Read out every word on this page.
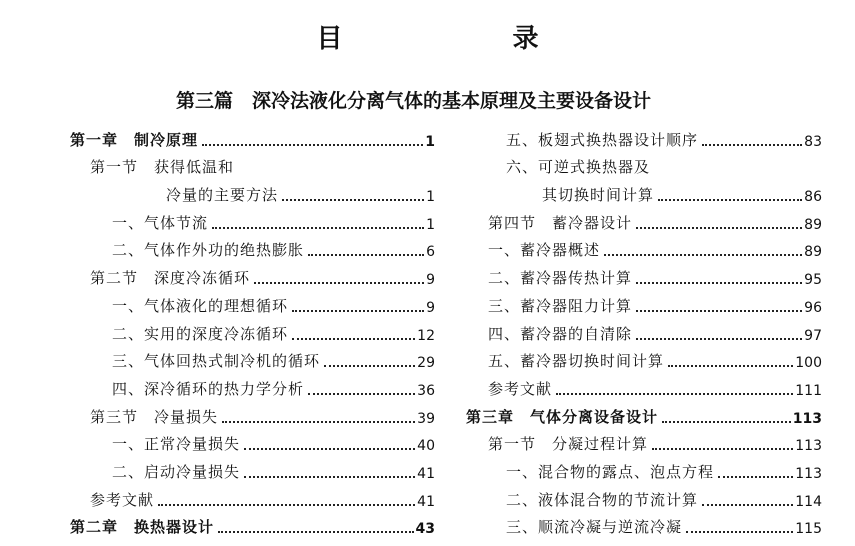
目　录
第三篇　深冷法液化分离气体的基本原理及主要设备设计
第一章　制冷原理	1
第一节　获得低温和
冷量的主要方法	1
一、气体节流	1
二、气体作外功的绝热膨胀	6
第二节　深度冷冻循环	9
一、气体液化的理想循环	9
二、实用的深度冷冻循环	12
三、气体回热式制冷机的循环	29
四、深冷循环的热力学分析	36
第三节　冷量损失	39
一、正常冷量损失	40
二、启动冷量损失	41
参考文献	41
第二章　换热器设计	43
五、板翅式换热器设计顺序	83
六、可逆式换热器及
其切换时间计算	86
第四节　蓄冷器设计	89
一、蓄冷器概述	89
二、蓄冷器传热计算	95
三、蓄冷器阻力计算	96
四、蓄冷器的自清除	97
五、蓄冷器切换时间计算	100
参考文献	111
第三章　气体分离设备设计	113
第一节　分凝过程计算	113
一、混合物的露点、泡点方程	113
二、液体混合物的节流计算	114
三、顺流冷凝与逆流冷凝	115
